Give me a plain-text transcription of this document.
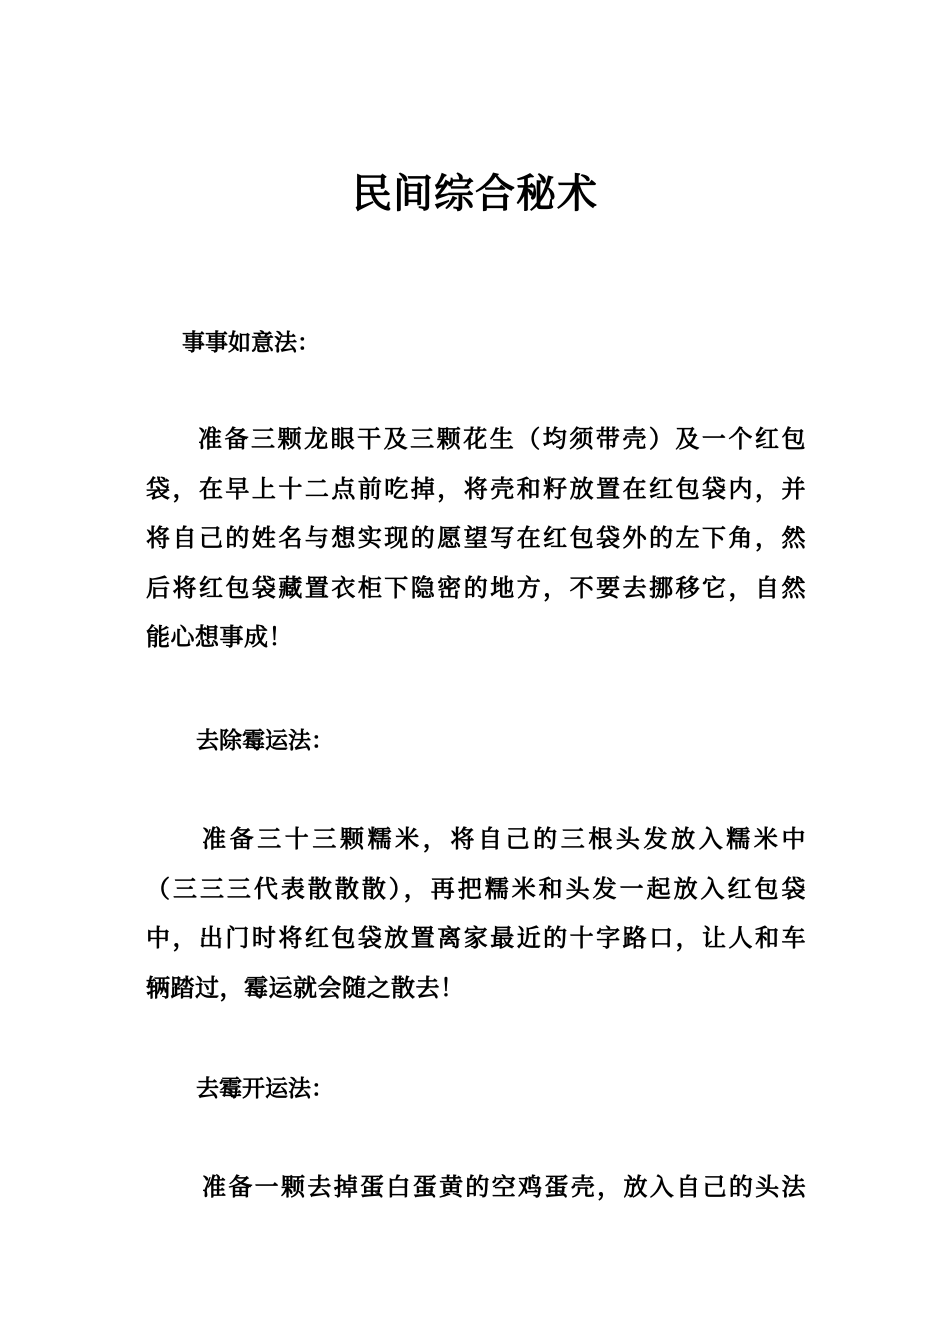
民间综合秘术
事事如意法：
准备三颗龙眼干及三颗花生（均须带壳）及一个红包
袋，在早上十二点前吃掉，将壳和籽放置在红包袋内，并
将自己的姓名与想实现的愿望写在红包袋外的左下角，然
后将红包袋藏置衣柜下隐密的地方，不要去挪移它，自然
能心想事成！
去除霉运法：
准备三十三颗糯米，将自己的三根头发放入糯米中
（三三三代表散散散），再把糯米和头发一起放入红包袋
中，出门时将红包袋放置离家最近的十字路口，让人和车
辆踏过，霉运就会随之散去！
去霉开运法：
准备一颗去掉蛋白蛋黄的空鸡蛋壳，放入自己的头法
